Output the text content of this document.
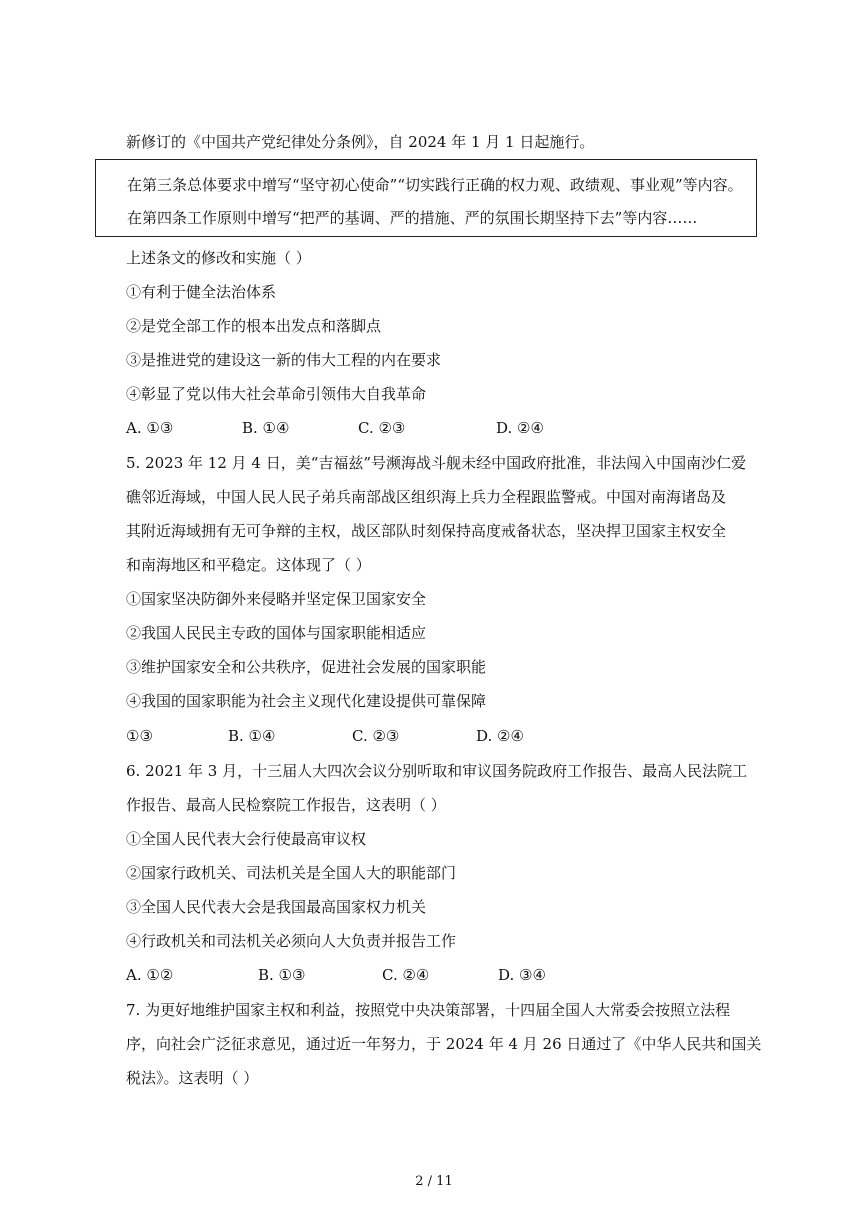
新修订的《中国共产党纪律处分条例》，自 2024 年 1 月 1 日起施行。
在第三条总体要求中增写“坚守初心使命”“切实践行正确的权力观、政绩观、事业观”等内容。
在第四条工作原则中增写“把严的基调、严的措施、严的氛围长期坚持下去”等内容……
上述条文的修改和实施（ ）
①有利于健全法治体系
②是党全部工作的根本出发点和落脚点
③是推进党的建设这一新的伟大工程的内在要求
④彰显了党以伟大社会革命引领伟大自我革命
A. ①③	B. ①④	C. ②③	D. ②④
5. 2023 年 12 月 4 日，美“吉福兹”号濒海战斗舰未经中国政府批准，非法闯入中国南沙仁爱
礁邻近海域，中国人民人民子弟兵南部战区组织海上兵力全程跟监警戒。中国对南海诸岛及
其附近海域拥有无可争辩的主权，战区部队时刻保持高度戒备状态，坚决捍卫国家主权安全
和南海地区和平稳定。这体现了（ ）
①国家坚决防御外来侵略并坚定保卫国家安全
②我国人民民主专政的国体与国家职能相适应
③维护国家安全和公共秩序，促进社会发展的国家职能
④我国的国家职能为社会主义现代化建设提供可靠保障
①③	B. ①④	C. ②③	D. ②④
6. 2021 年 3 月，十三届人大四次会议分别听取和审议国务院政府工作报告、最高人民法院工
作报告、最高人民检察院工作报告，这表明（ ）
①全国人民代表大会行使最高审议权
②国家行政机关、司法机关是全国人大的职能部门
③全国人民代表大会是我国最高国家权力机关
④行政机关和司法机关必须向人大负责并报告工作
A. ①②	B. ①③	C. ②④	D. ③④
7. 为更好地维护国家主权和利益，按照党中央决策部署，十四届全国人大常委会按照立法程
序，向社会广泛征求意见，通过近一年努力，于 2024 年 4 月 26 日通过了《中华人民共和国关
税法》。这表明（ ）
2 / 11
